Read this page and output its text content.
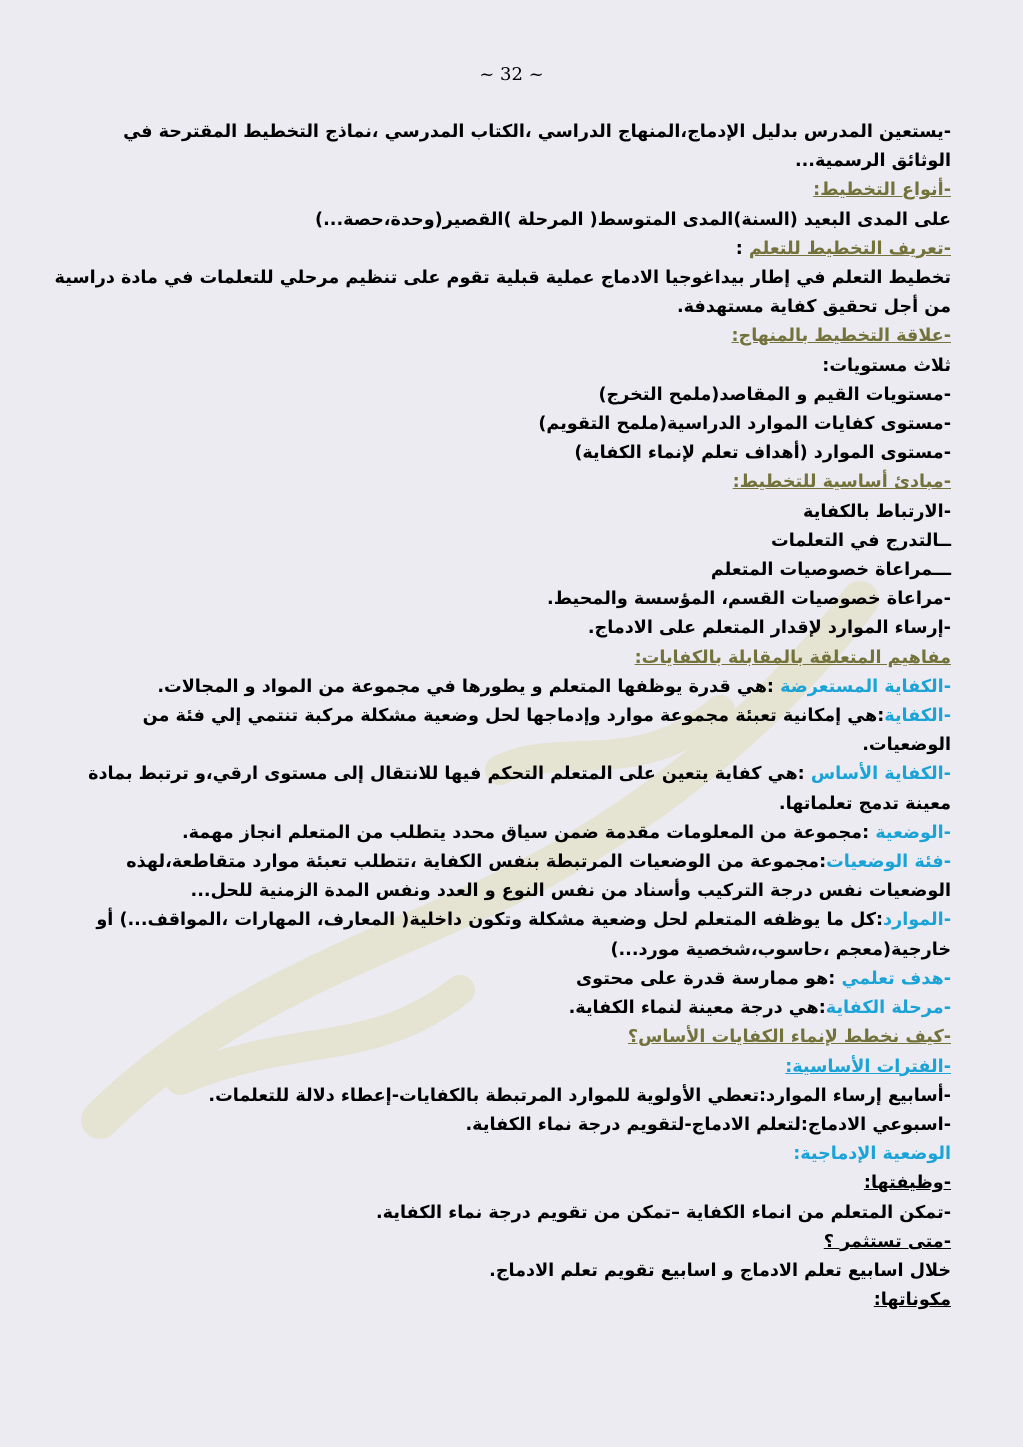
~ 32 ~

-يستعين المدرس بدليل الإدماج،المنهاج الدراسي ،الكتاب المدرسي ،نماذج التخطيط المقترحة في

الوثائق الرسمية...

-أنواع التخطيط:

على المدى البعيد (السنة)المدى المتوسط( المرحلة )القصير(وحدة،حصة...)

-تعريف التخطيط للتعلم :

تخطيط التعلم في إطار بيداغوجيا الادماج عملية قبلية تقوم على تنظيم مرحلي للتعلمات في مادة دراسية

من أجل تحقيق كفاية مستهدفة.

-علاقة التخطيط بالمنهاج:

ثلاث مستويات:

-مستويات القيم و المقاصد(ملمح التخرج)

-مستوى كفايات الموارد الدراسية(ملمح التقويم)

-مستوى الموارد (أهداف تعلم لإنماء الكفاية)

-مبادئ أساسية للتخطيط:

-الارتباط بالكفاية

ــالتدرج في التعلمات

ـــمراعاة خصوصيات المتعلم

-مراعاة خصوصيات القسم، المؤسسة والمحيط.

-إرساء الموارد لإقدار المتعلم على الادماج.

مفاهيم المتعلقة بالمقابلة بالكفايات:

-الكفاية المستعرضة :هي قدرة يوظفها المتعلم و يطورها في مجموعة من المواد و المجالات.

-الكفاية:هي إمكانية تعبئة مجموعة موارد وإدماجها لحل وضعية مشكلة مركبة تنتمي إلي فئة من

الوضعيات.

-الكفاية الأساس :هي كفاية يتعين على المتعلم التحكم فيها للانتقال إلى مستوى ارقي،و ترتبط بمادة

معينة تدمج تعلماتها.

-الوضعية :مجموعة من المعلومات مقدمة ضمن سياق محدد يتطلب من المتعلم انجاز مهمة.

-فئة الوضعيات:مجموعة من الوضعيات المرتبطة بنفس الكفاية ،تتطلب تعبئة موارد متقاطعة،لهذه

الوضعيات نفس درجة التركيب وأسناد من نفس النوع و العدد ونفس المدة الزمنية للحل...

-الموارد:كل ما يوظفه المتعلم لحل وضعية مشكلة وتكون داخلية( المعارف، المهارات ،المواقف...) أو

خارجية(معجم ،حاسوب،شخصية مورد...)

-هدف تعلمي :هو ممارسة قدرة على محتوى

-مرحلة الكفاية:هي درجة معينة لنماء الكفاية.

-كيف نخطط لإنماء الكفايات الأساس؟

-الفترات الأساسية:

-أسابيع إرساء الموارد:تعطي الأولوية للموارد المرتبطة بالكفايات-إعطاء دلالة للتعلمات.

-اسبوعي الادماج:لتعلم الادماج-لتقويم درجة نماء الكفاية.

الوضعية الإدماجية:

-وظيفتها:

-تمكن المتعلم من انماء الكفاية –تمكن من تقويم درجة نماء الكفاية.

-متى تستثمر ؟

خلال اسابيع تعلم الادماج و اسابيع تقويم تعلم الادماج.

مكوناتها:
